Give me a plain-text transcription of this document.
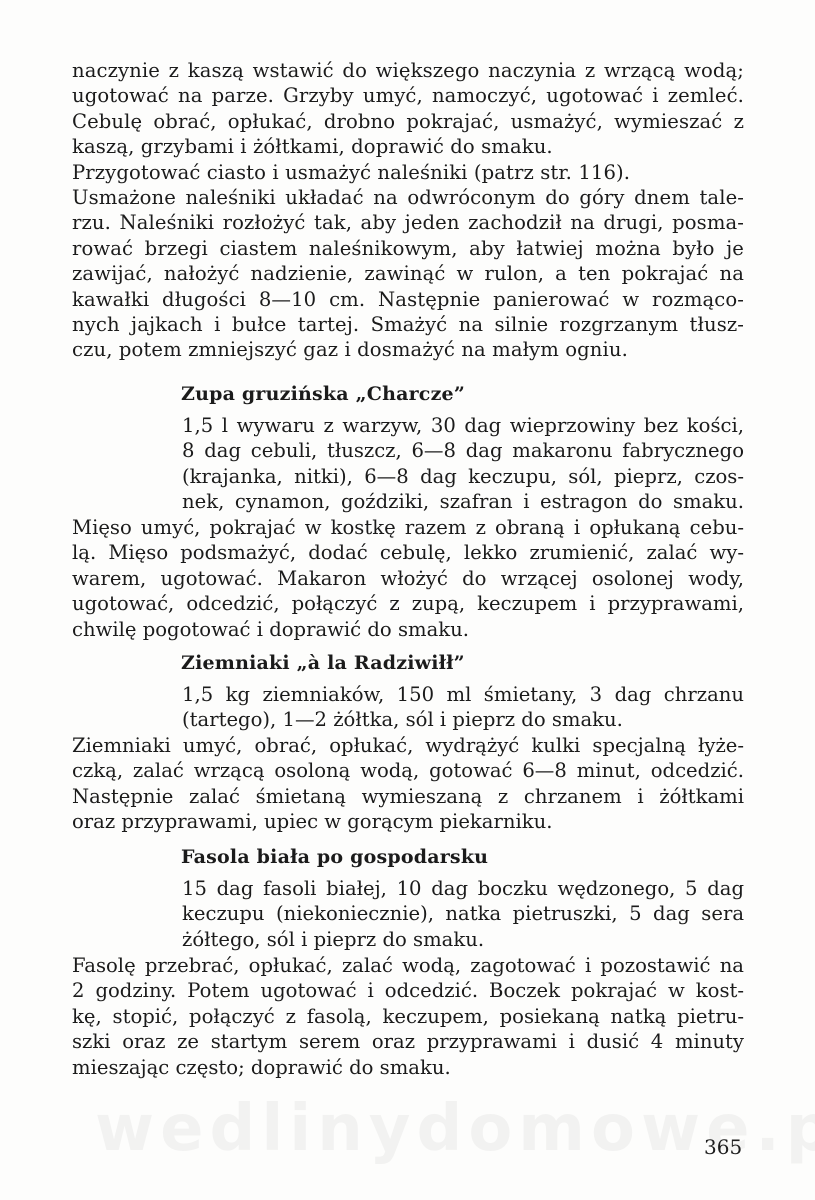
naczynie z kaszą wstawić do większego naczynia z wrzącą wodą;
ugotować na parze. Grzyby umyć, namoczyć, ugotować i zemleć.
Cebulę obrać, opłukać, drobno pokrajać, usmażyć, wymieszać z
kaszą, grzybami i żółtkami, doprawić do smaku.
Przygotować ciasto i usmażyć naleśniki (patrz str. 116).
Usmażone naleśniki układać na odwróconym do góry dnem tale-
rzu. Naleśniki rozłożyć tak, aby jeden zachodził na drugi, posma-
rować brzegi ciastem naleśnikowym, aby łatwiej można było je
zawijać, nałożyć nadzienie, zawinąć w rulon, a ten pokrajać na
kawałki długości 8—10 cm. Następnie panierować w rozmąco-
nych jajkach i bułce tartej. Smażyć na silnie rozgrzanym tłusz-
czu, potem zmniejszyć gaz i dosmażyć na małym ogniu.
Zupa gruzińska „Charcze”
1,5 l wywaru z warzyw, 30 dag wieprzowiny bez kości,
8 dag cebuli, tłuszcz, 6—8 dag makaronu fabrycznego
(krajanka, nitki), 6—8 dag keczupu, sól, pieprz, czos-
nek, cynamon, goździki, szafran i estragon do smaku.
Mięso umyć, pokrajać w kostkę razem z obraną i opłukaną cebu-
lą. Mięso podsmażyć, dodać cebulę, lekko zrumienić, zalać wy-
warem, ugotować. Makaron włożyć do wrzącej osolonej wody,
ugotować, odcedzić, połączyć z zupą, keczupem i przyprawami,
chwilę pogotować i doprawić do smaku.
Ziemniaki „à la Radziwiłł”
1,5 kg ziemniaków, 150 ml śmietany, 3 dag chrzanu
(tartego), 1—2 żółtka, sól i pieprz do smaku.
Ziemniaki umyć, obrać, opłukać, wydrążyć kulki specjalną łyże-
czką, zalać wrzącą osoloną wodą, gotować 6—8 minut, odcedzić.
Następnie zalać śmietaną wymieszaną z chrzanem i żółtkami
oraz przyprawami, upiec w gorącym piekarniku.
Fasola biała po gospodarsku
15 dag fasoli białej, 10 dag boczku wędzonego, 5 dag
keczupu (niekoniecznie), natka pietruszki, 5 dag sera
żółtego, sól i pieprz do smaku.
Fasolę przebrać, opłukać, zalać wodą, zagotować i pozostawić na
2 godziny. Potem ugotować i odcedzić. Boczek pokrajać w kost-
kę, stopić, połączyć z fasolą, keczupem, posiekaną natką pietru-
szki oraz ze startym serem oraz przyprawami i dusić 4 minuty
mieszając często; doprawić do smaku.
365
